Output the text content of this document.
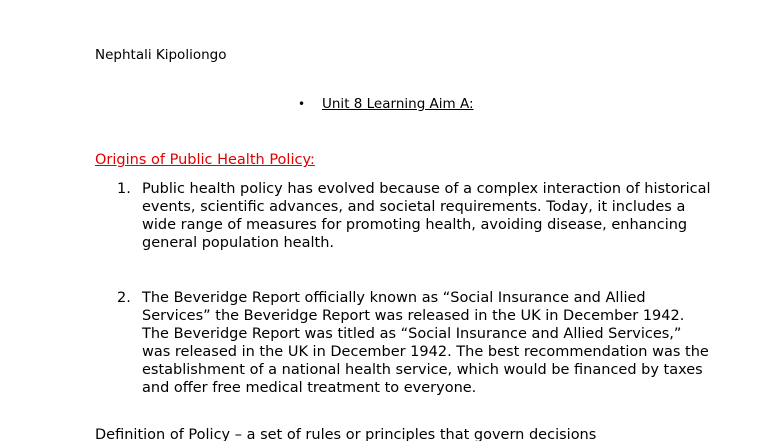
Nephtali Kipoliongo
• Unit 8 Learning Aim A:
Origins of Public Health Policy:
1. Public health policy has evolved because of a complex interaction of historical events, scientific advances, and societal requirements. Today, it includes a wide range of measures for promoting health, avoiding disease, enhancing general population health.
2. The Beveridge Report officially known as “Social Insurance and Allied Services” the Beveridge Report was released in the UK in December 1942. The Beveridge Report was titled as “Social Insurance and Allied Services,” was released in the UK in December 1942. The best recommendation was the establishment of a national health service, which would be financed by taxes and offer free medical treatment to everyone.
Definition of Policy – a set of rules or principles that govern decisions
